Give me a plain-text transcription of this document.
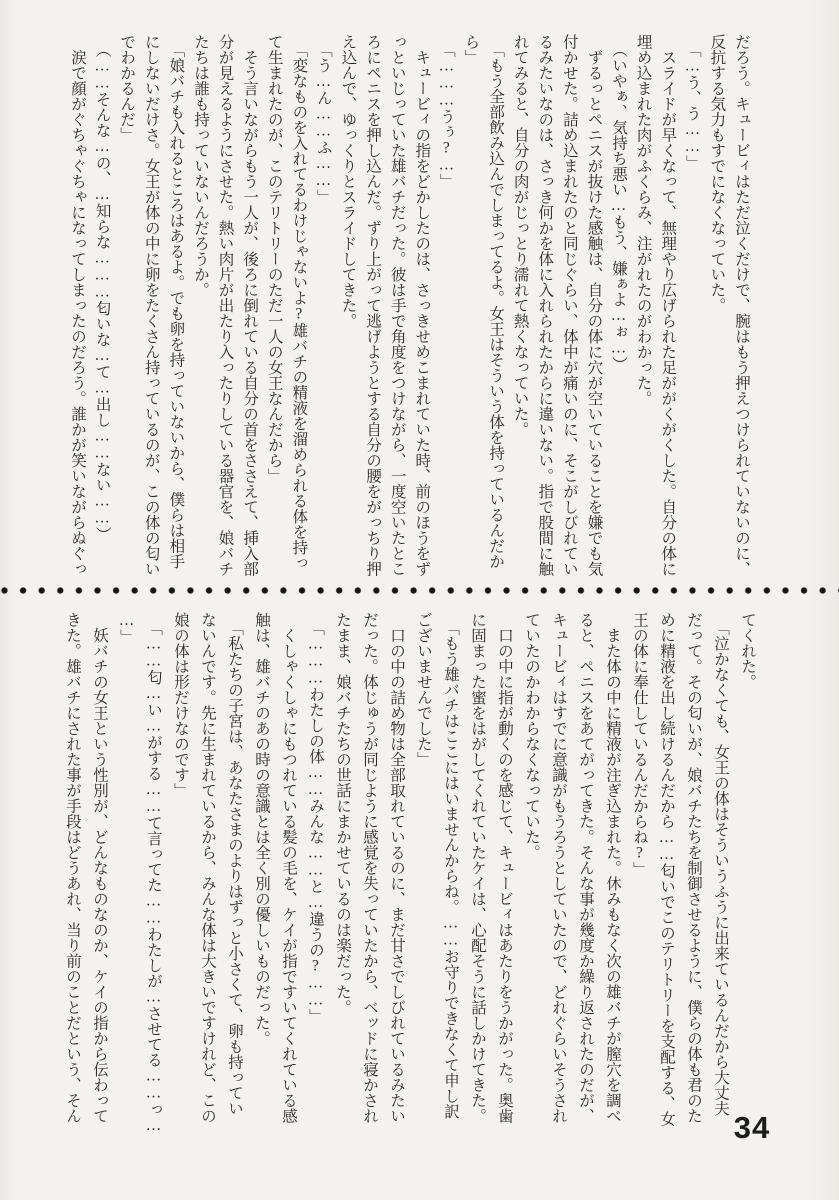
だろう。キュービィはただ泣くだけで、腕はもう押えつけられていないのに、

反抗する気力もすでになくなっていた。

　「…う、う……」

　スライドが早くなって、無理やり広げられた足ががくがくした。自分の体に

埋め込まれた肉がふくらみ、注がれたのがわかった。

　（いやぁ、気持ち悪い…もう、嫌ぁよ…ぉ…）

　ずるっとペニスが抜けた感触は、自分の体に穴が空いていることを嫌でも気

付かせた。詰め込まれたのと同じぐらい、体中が痛いのに、そこがしびれてい

るみたいなのは、さっき何かを体に入れられたからに違いない。指で股間に触

れてみると、自分の肉がじっとり濡れて熱くなっていた。

　「もう全部飲み込んでしまってるよ。女王はそういう体を持っているんだか

ら」

　「………うぅ?…」

　キュービィの指をどかしたのは、さっきせめこまれていた時、前のほうをず

っといじっていた雄バチだった。彼は手で角度をつけながら、一度空いたとこ

ろにペニスを押し込んだ。ずり上がって逃げようとする自分の腰をがっちり押

え込んで、ゆっくりとスライドしてきた。

　「う…ん……ふ……」

　「変なものを入れてるわけじゃないよ?雄バチの精液を溜められる体を持っ

て生まれたのが、このテリトリーのただ一人の女王なんだから」

　そう言いながらもう一人が、後ろに倒れている自分の首をささえて、挿入部

分が見えるようにさせた。熱い肉片が出たり入ったりしている器官を、娘バチ

たちは誰も持っていないんだろうか。

　「娘バチも入れるところはあるよ。でも卵を持っていないから、僕らは相手

にしないだけさ。女王が体の中に卵をたくさん持っているのが、この体の匂い

でわかるんだ」

　（……そんな…の、…知らな………匂いな…て…出し……ない……）

　涙で顔がぐちゃぐちゃになってしまったのだろう。誰かが笑いながらぬぐっ

てくれた。

　「泣かなくても、女王の体はそういうふうに出来ているんだから大丈夫

だって。その匂いが、娘バチたちを制御させるように、僕らの体も君のた

めに精液を出し続けるんだから……匂いでこのテリトリーを支配する、女

王の体に奉仕しているんだからね?」

　また体の中に精液が注ぎ込まれた。休みもなく次の雄バチが膣穴を調べ

ると、ペニスをあてがってきた。そんな事が幾度か繰り返されたのだが、

キュービィはすでに意識がもうろうとしていたので、どれぐらいそうされ

ていたのかわからなくなっていた。

　口の中に指が動くのを感じて、キュービィはあたりをうかがった。奥歯

に固まった蜜をはがしてくれていたケイは、心配そうに話しかけてきた。

　「もう雄バチはここにはいませんからね。……お守りできなくて申し訳

ございませんでした」

　口の中の詰め物は全部取れているのに、まだ甘さでしびれているみたい

だった。体じゅうが同じように感覚を失っていたから、ベッドに寝かされ

たまま、娘バチたちの世話にまかせているのは楽だった。

　「………わたしの体……みんな……と…違うの?……」

　くしゃくしゃにもつれている髪の毛を、ケイが指ですいてくれている感

触は、雄バチのあの時の意識とは全く別の優しいものだった。

　「私たちの子宮は、あなたさまのよりはずっと小さくて、卵も持ってい

ないんです。先に生まれているから、みんな体は大きいですけれど、この

娘の体は形だけなのです」

　「……匂…い…がする……て言ってた……わたしが…させてる……っ…

…」

　妖バチの女王という性別が、どんなものなのか、ケイの指から伝わって

きた。雄バチにされた事が手段はどうあれ、当り前のことだという、そん

34
